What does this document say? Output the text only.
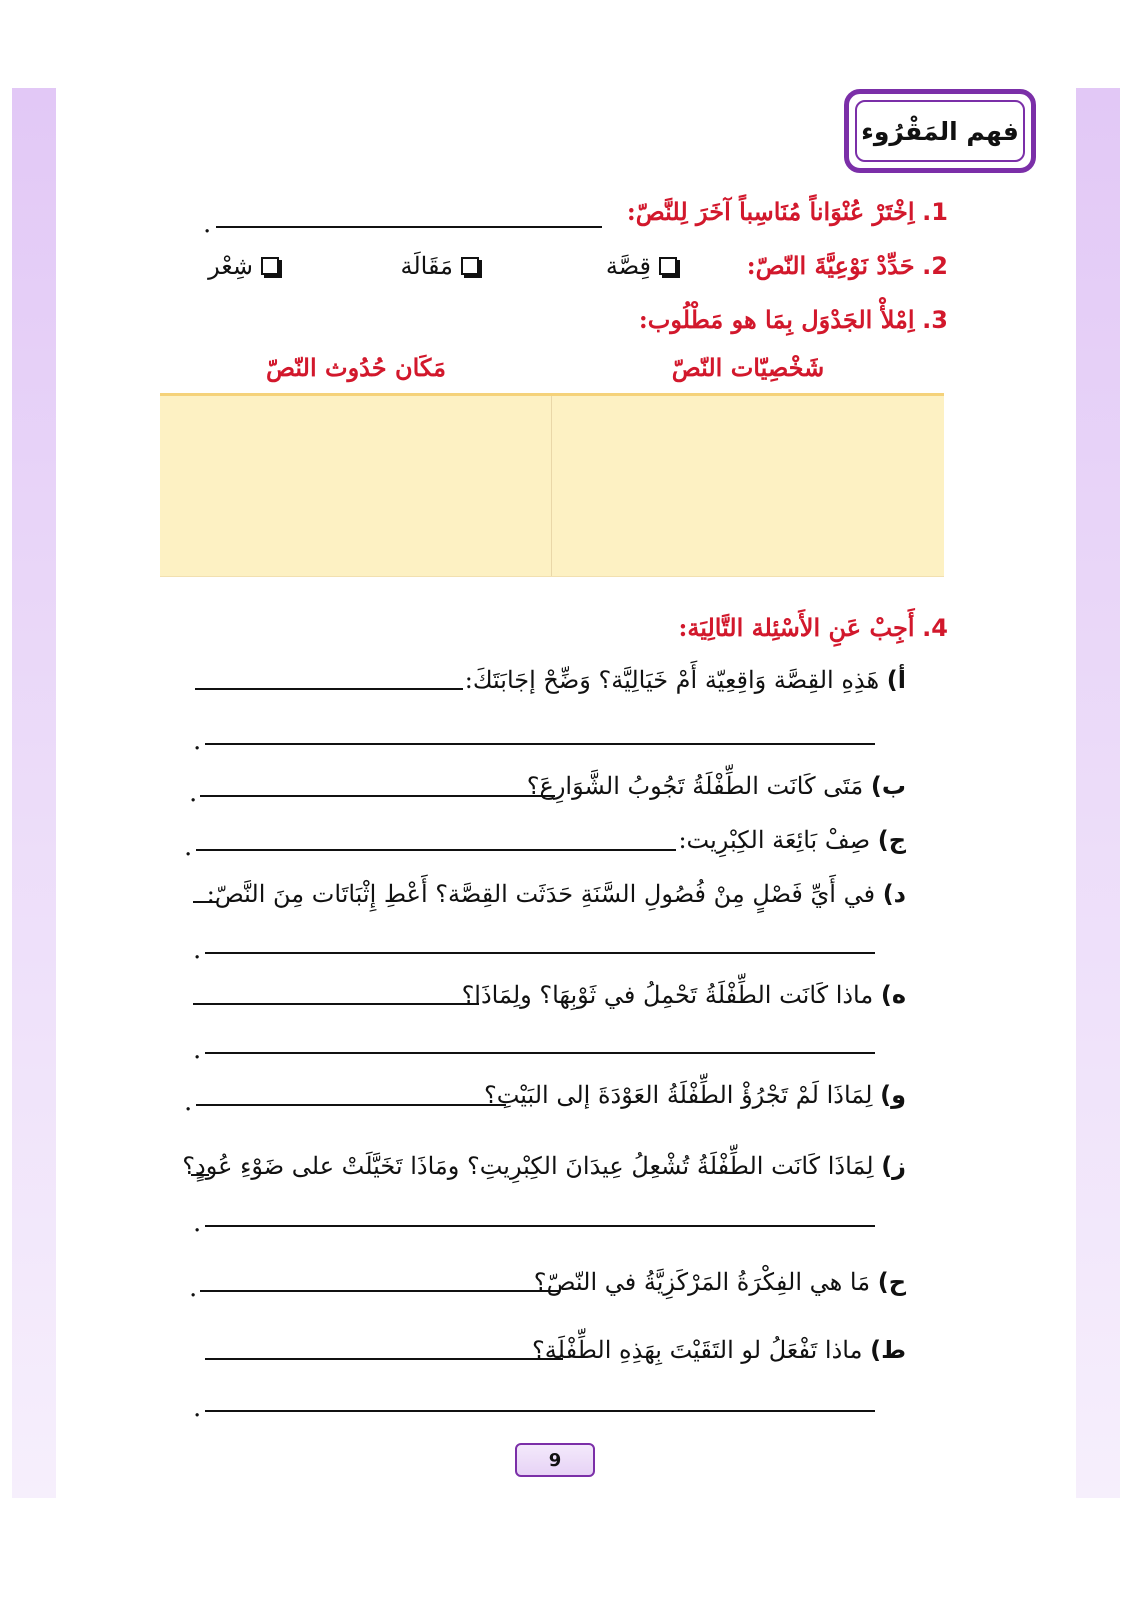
فهم المَقْرُوء
1. اِخْتَرْ عُنْوَاناً مُنَاسِباً آخَرَ لِلنَّصّ:
.
2. حَدِّدْ نَوْعِيَّةَ النّصّ:
قِصَّة
مَقَالَة
شِعْر
3. اِمْلأْ الجَدْوَل بِمَا هو مَطْلُوب:
شَخْصِيّات النّصّ
مَكَان حُدُوث النّصّ
4. أَجِبْ عَنِ الأَسْئِلة التَّالِيَة:
أ) هَذِهِ القِصَّة وَاقِعِيّة أَمْ خَيَالِيَّة؟ وَضِّحْ إجَابَتَكَ:
.
ب) مَتَى كَانَت الطِّفْلَةُ تَجُوبُ الشَّوَارِعَ؟
.
ج) صِفْ بَائِعَة الكِبْرِيت:
.
د) في أَيِّ فَصْلٍ مِنْ فُصُولِ السَّنَةِ حَدَثَت القِصَّة؟ أَعْطِ إِثْبَاتَات مِنَ النَّصّ:
.
ه) ماذا كَانَت الطِّفْلَةُ تَحْمِلُ في ثَوْبِهَا؟ ولِمَاذَا؟
.
و) لِمَاذَا لَمْ تَجْرُؤْ الطِّفْلَةُ العَوْدَةَ إلى البَيْتِ؟
.
ز) لِمَاذَا كَانَت الطِّفْلَةُ تُشْعِلُ عِيدَانَ الكِبْرِيتِ؟ ومَاذَا تَخَيَّلَتْ على ضَوْءِ عُودٍ؟
.
ح) مَا هي الفِكْرَةُ المَرْكَزِيَّةُ في النّصّ؟
.
ط) ماذا تَفْعَلُ لو التَقَيْتَ بِهَذِهِ الطِّفْلَة؟
.
9
